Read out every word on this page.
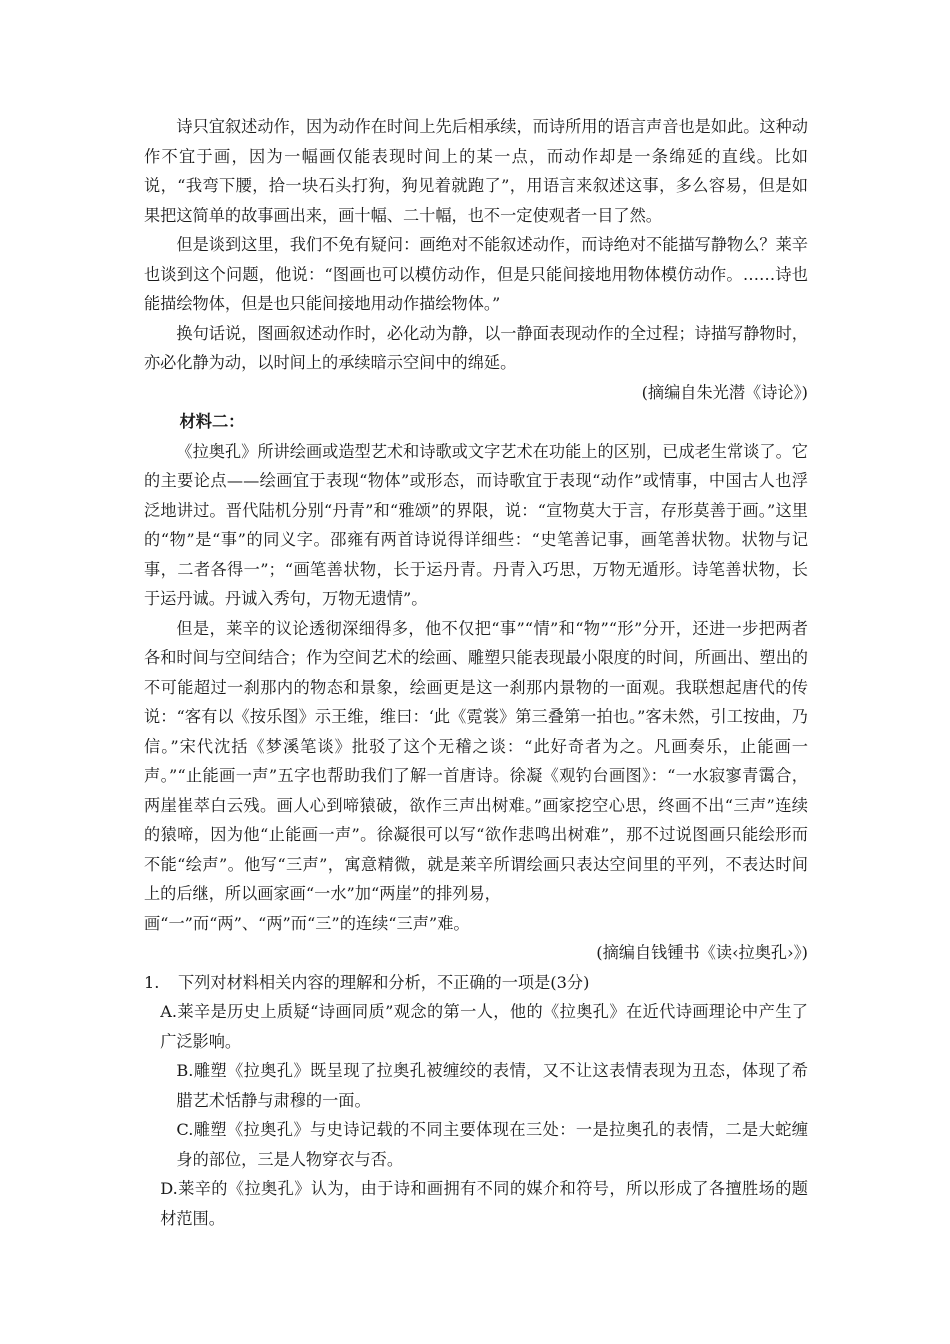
诗只宜叙述动作，因为动作在时间上先后相承续，而诗所用的语言声音也是如此。这种动作不宜于画，因为一幅画仅能表现时间上的某一点，而动作却是一条绵延的直线。比如说，“我弯下腰，拾一块石头打狗，狗见着就跑了”，用语言来叙述这事，多么容易，但是如果把这简单的故事画出来，画十幅、二十幅，也不一定使观者一目了然。

但是谈到这里，我们不免有疑问：画绝对不能叙述动作，而诗绝对不能描写静物么？莱辛也谈到这个问题，他说：“图画也可以模仿动作，但是只能间接地用物体模仿动作。……诗也能描绘物体，但是也只能间接地用动作描绘物体。”

换句话说，图画叙述动作时，必化动为静，以一静面表现动作的全过程；诗描写静物时，亦必化静为动，以时间上的承续暗示空间中的绵延。

(摘编自朱光潜《诗论》)

材料二：

《拉奥孔》所讲绘画或造型艺术和诗歌或文字艺术在功能上的区别，已成老生常谈了。它的主要论点——绘画宜于表现“物体”或形态，而诗歌宜于表现“动作”或情事，中国古人也浮泛地讲过。晋代陆机分别“丹青”和“雅颂”的界限，说：“宣物莫大于言，存形莫善于画。”这里的“物”是“事”的同义字。邵雍有两首诗说得详细些：“史笔善记事，画笔善状物。状物与记事，二者各得一”；“画笔善状物，长于运丹青。丹青入巧思，万物无遁形。诗笔善状物，长于运丹诚。丹诚入秀句，万物无遗情”。

但是，莱辛的议论透彻深细得多，他不仅把“事”“情”和“物”“形”分开，还进一步把两者各和时间与空间结合；作为空间艺术的绘画、雕塑只能表现最小限度的时间，所画出、塑出的不可能超过一刹那内的物态和景象，绘画更是这一刹那内景物的一面观。我联想起唐代的传说：“客有以《按乐图》示王维，维曰：‘此《霓裳》第三叠第一拍也。”客未然，引工按曲，乃信。”宋代沈括《梦溪笔谈》批驳了这个无稽之谈：“此好奇者为之。凡画奏乐，止能画一声。”“止能画一声”五字也帮助我们了解一首唐诗。徐凝《观钓台画图》：“一水寂寥青霭合，两崖崔萃白云残。画人心到啼猿破，欲作三声出树难。”画家挖空心思，终画不出“三声”连续的猿啼，因为他“止能画一声”。徐凝很可以写“欲作悲鸣出树难”，那不过说图画只能绘形而不能“绘声”。他写“三声”，寓意精微，就是莱辛所谓绘画只表达空间里的平列，不表达时间上的后继，所以画家画“一水”加“两崖”的排列易，

画“一”而“两”、“两”而“三”的连续“三声”难。

(摘编自钱锺书《读‹拉奥孔›》)

1. 下列对材料相关内容的理解和分析，不正确的一项是(3分)

A.莱辛是历史上质疑“诗画同质”观念的第一人，他的《拉奥孔》在近代诗画理论中产生了广泛影响。

B.雕塑《拉奥孔》既呈现了拉奥孔被缠绞的表情，又不让这表情表现为丑态，体现了希腊艺术恬静与肃穆的一面。

C.雕塑《拉奥孔》与史诗记载的不同主要体现在三处：一是拉奥孔的表情，二是大蛇缠身的部位，三是人物穿衣与否。

D.莱辛的《拉奥孔》认为，由于诗和画拥有不同的媒介和符号，所以形成了各擅胜场的题材范围。
